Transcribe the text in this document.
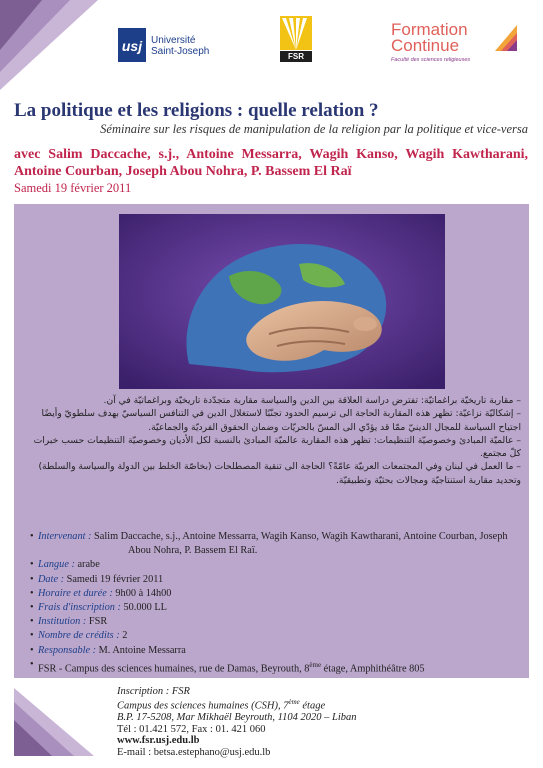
usj Université
Saint-Joseph	FSR
Formation
Continue
Faculté des sciences religieuses
La politique et les religions : quelle relation ?
Séminaire sur les risques de manipulation de la religion par la politique et vice-versa
avec Salim Daccache, s.j., Antoine Messarra, Wagih Kanso, Wagih Kawtharani, Antoine Courban, Joseph Abou Nohra, P. Bassem El Raï
Samedi 19 février 2011

– مقاربة تاريخيّة براغماتيّة: تفترض دراسة العلاقة بين الدين والسياسة مقاربة متجدّدة تاريخيّة وبراغماتيّة في آن.

– إشكاليّة نزاعيّة: تظهر هذه المقاربة الحاجة الى ترسيم الحدود تجنّبًا لاستغلال الدين في التنافس السياسيّ بهدف سلطويّ وأيضًا اجتياح السياسة للمجال الدينيّ ممّا قد يؤدّي الى المسّ بالحريّات وضمان الحقوق الفرديّة والجماعيّة.

– عالميّة المبادئ وخصوصيّة التنظيمات: تظهر هذه المقاربة عالميّة المبادئ بالنسبة لكل الأديان وخصوصيّة التنظيمات حسب خبرات كلّ مجتمع.

– ما العمل في لبنان وفي المجتمعات العربيّة عامّةً؟ الحاجة الى تنقية المصطلحات (بخاصّة الخلط بين الدولة والسياسة والسلطة) وتحديد مقاربة استنتاجيّة ومجالات بحثيّة وتطبيقيّة.

• Intervenant : Salim Daccache, s.j., Antoine Messarra, Wagih Kanso, Wagih Kawtharani, Antoine Courban, Joseph
Abou Nohra, P. Bassem El Raï.
• Langue : arabe
• Date : Samedi 19 février 2011
• Horaire et durée : 9h00 à 14h00
• Frais d'inscription : 50.000 LL
• Institution : FSR
• Nombre de crédits : 2
• Responsable : M. Antoine Messarra
• FSR - Campus des sciences humaines, rue de Damas, Beyrouth, 8ème étage, Amphithéâtre 805
Inscription : FSR
Campus des sciences humaines (CSH), 7ème étage
B.P. 17-5208, Mar Mikhaël Beyrouth, 1104 2020 – Liban
Tél : 01.421 572, Fax : 01. 421 060
www.fsr.usj.edu.lb
E-mail : betsa.estephano@usj.edu.lb
